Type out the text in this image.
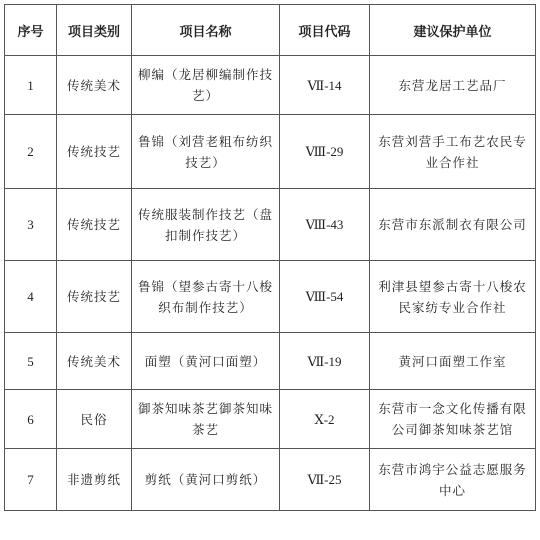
序号	项目类别	项目名称	项目代码	建议保护单位
1	传统美术	柳编（龙居柳编制作技艺）	Ⅶ-14	东营龙居工艺品厂
2	传统技艺	鲁锦（刘营老粗布纺织技艺）	Ⅷ-29	东营刘营手工布艺农民专业合作社
3	传统技艺	传统服装制作技艺（盘扣制作技艺）	Ⅷ-43	东营市东派制衣有限公司
4	传统技艺	鲁锦（望参古寄十八梭织布制作技艺）	Ⅷ-54	利津县望参古寄十八梭农民家纺专业合作社
5	传统美术	面塑（黄河口面塑）	Ⅶ-19	黄河口面塑工作室
6	民俗	御茶知味茶艺御茶知味茶艺	Ⅹ-2	东营市一念文化传播有限公司御茶知味茶艺馆
7	非遗剪纸	剪纸（黄河口剪纸）	Ⅶ-25	东营市鸿宇公益志愿服务中心
